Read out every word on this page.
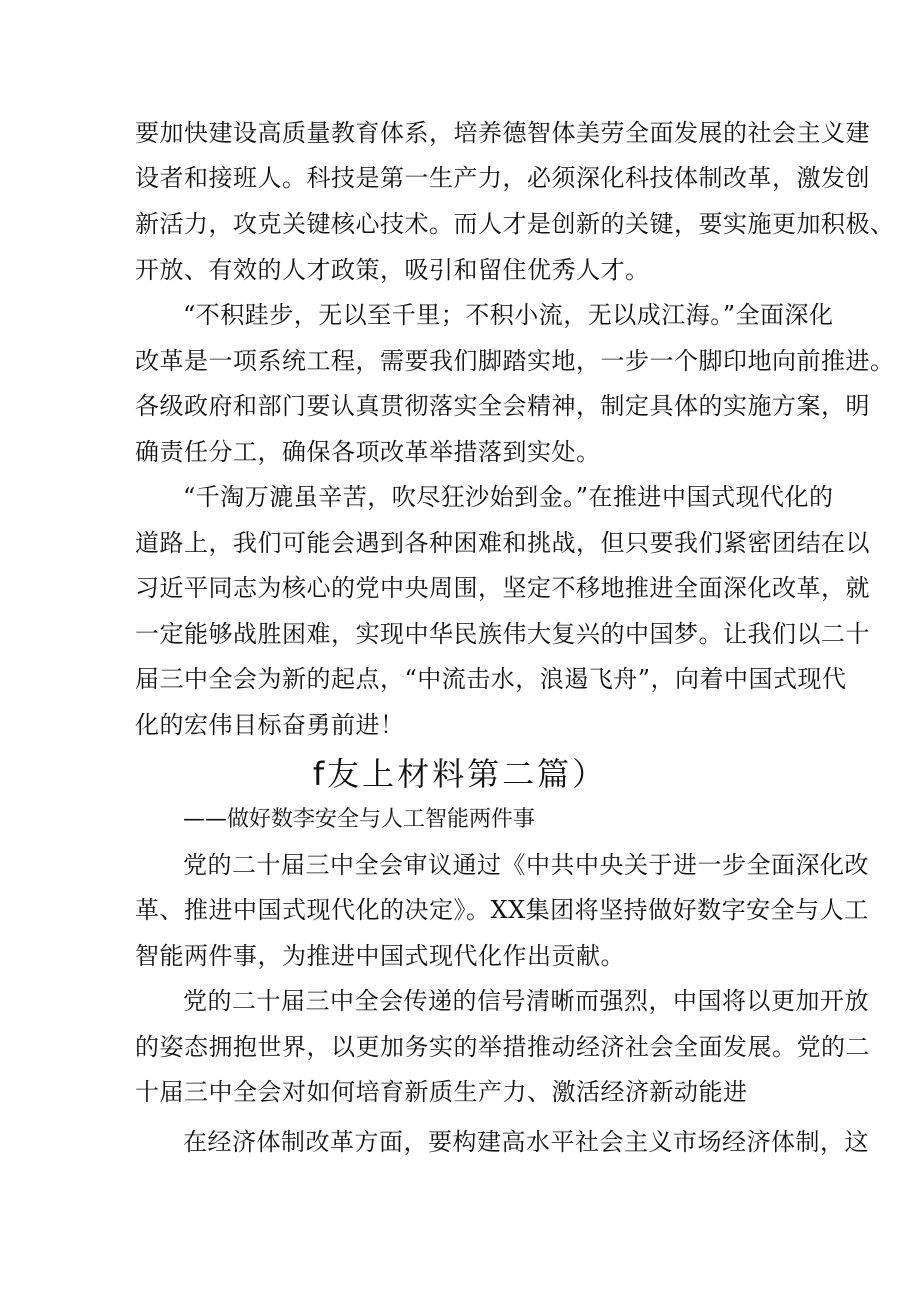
要加快建设高质量教育体系，培养德智体美劳全面发展的社会主义建
设者和接班人。科技是第一生产力，必须深化科技体制改革，激发创
新活力，攻克关键核心技术。而人才是创新的关键，要实施更加积极、
开放、有效的人才政策，吸引和留住优秀人才。
“不积跬步，无以至千里；不积小流，无以成江海。”全面深化
改革是一项系统工程，需要我们脚踏实地，一步一个脚印地向前推进。
各级政府和部门要认真贯彻落实全会精神，制定具体的实施方案，明
确责任分工，确保各项改革举措落到实处。
“千淘万漉虽辛苦，吹尽狂沙始到金。”在推进中国式现代化的
道路上，我们可能会遇到各种困难和挑战，但只要我们紧密团结在以
习近平同志为核心的党中央周围，坚定不移地推进全面深化改革，就
一定能够战胜困难，实现中华民族伟大复兴的中国梦。让我们以二十
届三中全会为新的起点，“中流击水，浪遏飞舟”，向着中国式现代
化的宏伟目标奋勇前进！
f友上材料第二篇）
——做好数李安全与人工智能两件事
党的二十届三中全会审议通过《中共中央关于进一步全面深化改
革、推进中国式现代化的决定》。XX集团将坚持做好数字安全与人工
智能两件事，为推进中国式现代化作出贡献。
党的二十届三中全会传递的信号清晰而强烈，中国将以更加开放
的姿态拥抱世界，以更加务实的举措推动经济社会全面发展。党的二
十届三中全会对如何培育新质生产力、激活经济新动能进
在经济体制改革方面，要构建高水平社会主义市场经济体制，这
